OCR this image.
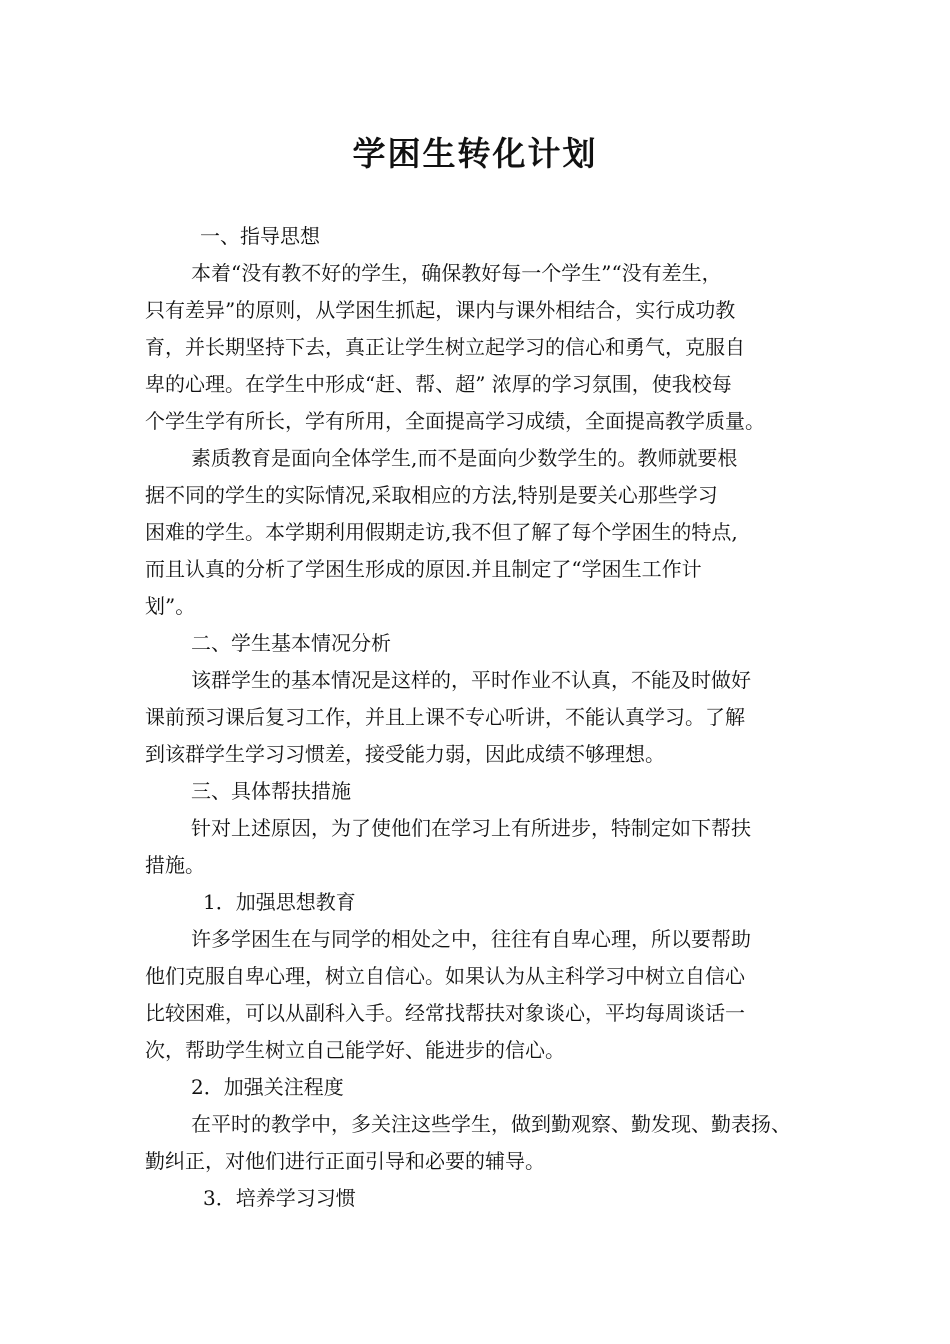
学困生转化计划
一、指导思想
本着“没有教不好的学生，确保教好每一个学生”“没有差生，
只有差异”的原则，从学困生抓起，课内与课外相结合，实行成功教
育，并长期坚持下去，真正让学生树立起学习的信心和勇气，克服自
卑的心理。在学生中形成“赶、帮、超” 浓厚的学习氛围，使我校每
个学生学有所长，学有所用，全面提高学习成绩，全面提高教学质量。
素质教育是面向全体学生,而不是面向少数学生的。教师就要根
据不同的学生的实际情况,采取相应的方法,特别是要关心那些学习
困难的学生。本学期利用假期走访,我不但了解了每个学困生的特点,
而且认真的分析了学困生形成的原因.并且制定了“学困生工作计
划”。
二、学生基本情况分析
该群学生的基本情况是这样的，平时作业不认真，不能及时做好
课前预习课后复习工作，并且上课不专心听讲，不能认真学习。了解
到该群学生学习习惯差，接受能力弱，因此成绩不够理想。
三、具体帮扶措施
针对上述原因，为了使他们在学习上有所进步，特制定如下帮扶
措施。
1．加强思想教育
许多学困生在与同学的相处之中，往往有自卑心理，所以要帮助
他们克服自卑心理，树立自信心。如果认为从主科学习中树立自信心
比较困难，可以从副科入手。经常找帮扶对象谈心，平均每周谈话一
次，帮助学生树立自己能学好、能进步的信心。
2．加强关注程度
在平时的教学中，多关注这些学生，做到勤观察、勤发现、勤表扬、
勤纠正，对他们进行正面引导和必要的辅导。
3．培养学习习惯
